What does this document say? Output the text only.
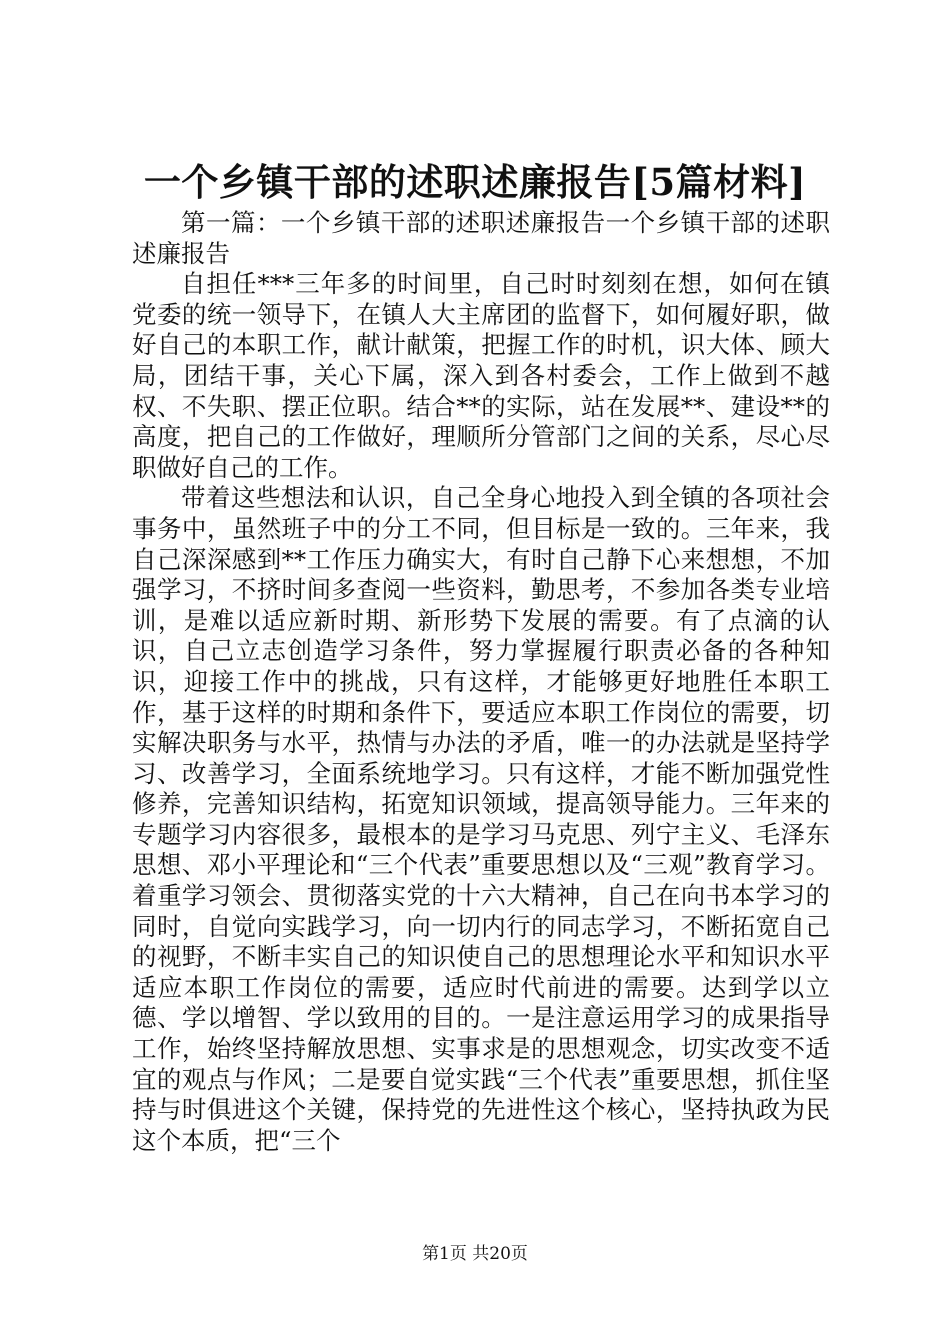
一个乡镇干部的述职述廉报告[5篇材料]

第一篇：一个乡镇干部的述职述廉报告一个乡镇干部的述职述廉报告

自担任***三年多的时间里，自己时时刻刻在想，如何在镇党委的统一领导下，在镇人大主席团的监督下，如何履好职，做好自己的本职工作，献计献策，把握工作的时机，识大体、顾大局，团结干事，关心下属，深入到各村委会，工作上做到不越权、不失职、摆正位职。结合**的实际，站在发展**、建设**的高度，把自己的工作做好，理顺所分管部门之间的关系，尽心尽职做好自己的工作。

带着这些想法和认识，自己全身心地投入到全镇的各项社会事务中，虽然班子中的分工不同，但目标是一致的。三年来，我自己深深感到**工作压力确实大，有时自己静下心来想想，不加强学习，不挤时间多查阅一些资料，勤思考，不参加各类专业培训，是难以适应新时期、新形势下发展的需要。有了点滴的认识，自己立志创造学习条件，努力掌握履行职责必备的各种知识，迎接工作中的挑战，只有这样，才能够更好地胜任本职工作，基于这样的时期和条件下，要适应本职工作岗位的需要，切实解决职务与水平，热情与办法的矛盾，唯一的办法就是坚持学习、改善学习，全面系统地学习。只有这样，才能不断加强党性修养，完善知识结构，拓宽知识领域，提高领导能力。三年来的专题学习内容很多，最根本的是学习马克思、列宁主义、毛泽东思想、邓小平理论和“三个代表”重要思想以及“三观”教育学习。着重学习领会、贯彻落实党的十六大精神，自己在向书本学习的同时，自觉向实践学习，向一切内行的同志学习，不断拓宽自己的视野，不断丰实自己的知识使自己的思想理论水平和知识水平适应本职工作岗位的需要，适应时代前进的需要。达到学以立德、学以增智、学以致用的目的。一是注意运用学习的成果指导工作，始终坚持解放思想、实事求是的思想观念，切实改变不适宜的观点与作风；二是要自觉实践“三个代表”重要思想，抓住坚持与时俱进这个关键，保持党的先进性这个核心，坚持执政为民这个本质，把“三个

第1页 共20页
